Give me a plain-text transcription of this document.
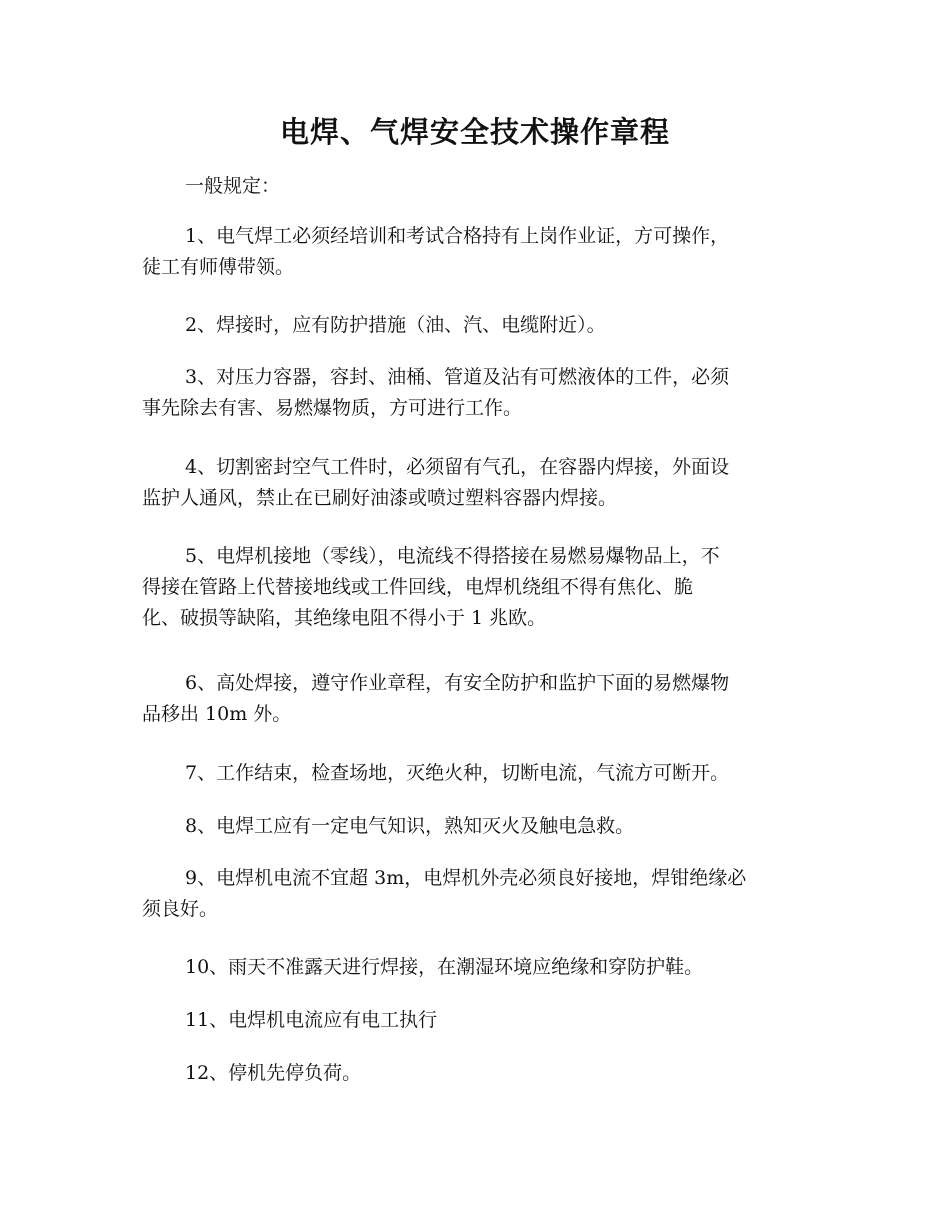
电焊、气焊安全技术操作章程

一般规定：

1、电气焊工必须经培训和考试合格持有上岗作业证，方可操作，
徒工有师傅带领。

2、焊接时，应有防护措施（油、汽、电缆附近）。

3、对压力容器，容封、油桶、管道及沾有可燃液体的工件，必须
事先除去有害、易燃爆物质，方可进行工作。

4、切割密封空气工件时，必须留有气孔，在容器内焊接，外面设
监护人通风，禁止在已刷好油漆或喷过塑料容器内焊接。

5、电焊机接地（零线），电流线不得搭接在易燃易爆物品上，不
得接在管路上代替接地线或工件回线，电焊机绕组不得有焦化、脆
化、破损等缺陷，其绝缘电阻不得小于 1 兆欧。

6、高处焊接，遵守作业章程，有安全防护和监护下面的易燃爆物
品移出 10m 外。

7、工作结束，检查场地，灭绝火种，切断电流，气流方可断开。

8、电焊工应有一定电气知识，熟知灭火及触电急救。

9、电焊机电流不宜超 3m，电焊机外壳必须良好接地，焊钳绝缘必
须良好。

10、雨天不准露天进行焊接，在潮湿环境应绝缘和穿防护鞋。

11、电焊机电流应有电工执行

12、停机先停负荷。
